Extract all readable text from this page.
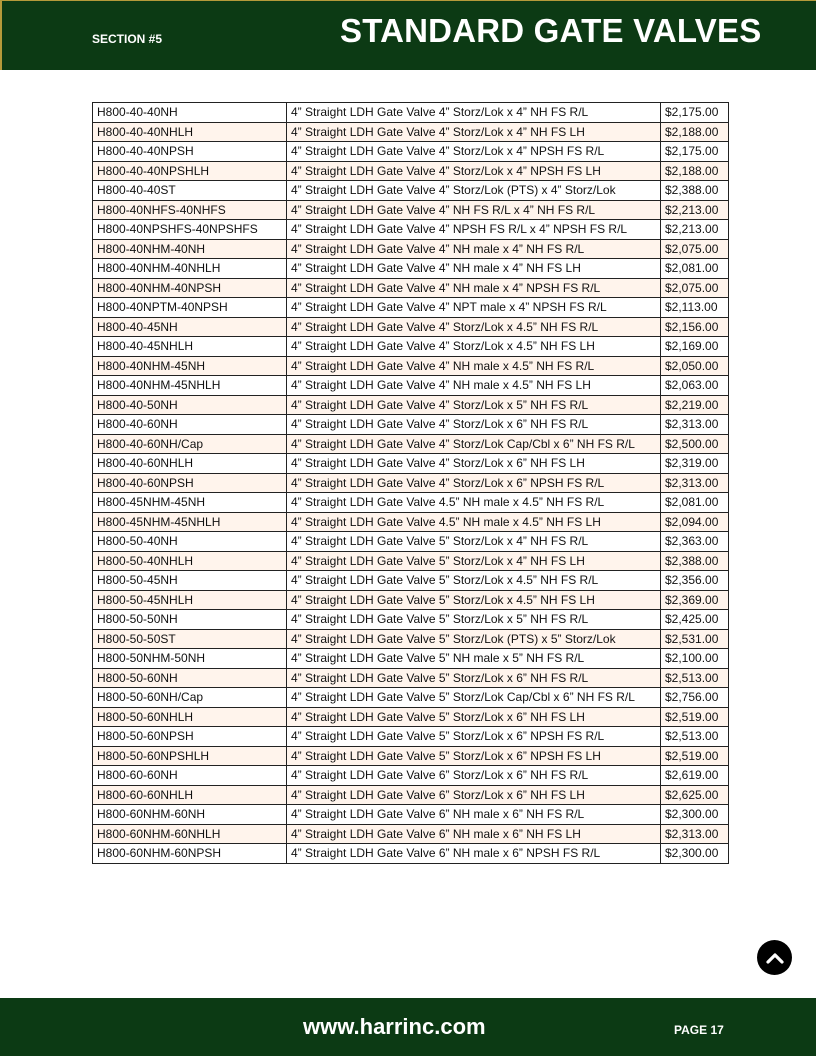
SECTION #5	STANDARD GATE VALVES
H800-40-40NH	4” Straight LDH Gate Valve 4” Storz/Lok x 4” NH FS R/L	$2,175.00
H800-40-40NHLH	4” Straight LDH Gate Valve 4” Storz/Lok x 4” NH FS LH	$2,188.00
H800-40-40NPSH	4” Straight LDH Gate Valve 4” Storz/Lok x 4” NPSH FS R/L	$2,175.00
H800-40-40NPSHLH	4” Straight LDH Gate Valve 4” Storz/Lok x 4” NPSH FS LH	$2,188.00
H800-40-40ST	4” Straight LDH Gate Valve 4” Storz/Lok (PTS) x 4” Storz/Lok	$2,388.00
H800-40NHFS-40NHFS	4” Straight LDH Gate Valve 4” NH FS R/L x 4” NH FS R/L	$2,213.00
H800-40NPSHFS-40NPSHFS	4” Straight LDH Gate Valve 4” NPSH FS R/L x 4” NPSH FS R/L	$2,213.00
H800-40NHM-40NH	4” Straight LDH Gate Valve 4” NH male x 4” NH FS R/L	$2,075.00
H800-40NHM-40NHLH	4” Straight LDH Gate Valve 4” NH male x 4” NH FS LH	$2,081.00
H800-40NHM-40NPSH	4” Straight LDH Gate Valve 4” NH male x 4” NPSH FS R/L	$2,075.00
H800-40NPTM-40NPSH	4” Straight LDH Gate Valve 4” NPT male x 4” NPSH FS R/L	$2,113.00
H800-40-45NH	4” Straight LDH Gate Valve 4” Storz/Lok x 4.5” NH FS R/L	$2,156.00
H800-40-45NHLH	4” Straight LDH Gate Valve 4” Storz/Lok x 4.5” NH FS LH	$2,169.00
H800-40NHM-45NH	4” Straight LDH Gate Valve 4” NH male x 4.5” NH FS R/L	$2,050.00
H800-40NHM-45NHLH	4” Straight LDH Gate Valve 4” NH male x 4.5” NH FS LH	$2,063.00
H800-40-50NH	4” Straight LDH Gate Valve 4” Storz/Lok x 5” NH FS R/L	$2,219.00
H800-40-60NH	4” Straight LDH Gate Valve 4” Storz/Lok x 6” NH FS R/L	$2,313.00
H800-40-60NH/Cap	4” Straight LDH Gate Valve 4” Storz/Lok Cap/Cbl x 6” NH FS R/L	$2,500.00
H800-40-60NHLH	4” Straight LDH Gate Valve 4” Storz/Lok x 6” NH FS LH	$2,319.00
H800-40-60NPSH	4” Straight LDH Gate Valve 4” Storz/Lok x 6” NPSH FS R/L	$2,313.00
H800-45NHM-45NH	4” Straight LDH Gate Valve 4.5” NH male x 4.5” NH FS R/L	$2,081.00
H800-45NHM-45NHLH	4” Straight LDH Gate Valve 4.5” NH male x 4.5” NH FS LH	$2,094.00
H800-50-40NH	4” Straight LDH Gate Valve 5” Storz/Lok x 4” NH FS R/L	$2,363.00
H800-50-40NHLH	4” Straight LDH Gate Valve 5” Storz/Lok x 4” NH FS LH	$2,388.00
H800-50-45NH	4” Straight LDH Gate Valve 5” Storz/Lok x 4.5” NH FS R/L	$2,356.00
H800-50-45NHLH	4” Straight LDH Gate Valve 5” Storz/Lok x 4.5” NH FS LH	$2,369.00
H800-50-50NH	4” Straight LDH Gate Valve 5” Storz/Lok x 5” NH FS R/L	$2,425.00
H800-50-50ST	4” Straight LDH Gate Valve 5” Storz/Lok (PTS) x 5” Storz/Lok	$2,531.00
H800-50NHM-50NH	4” Straight LDH Gate Valve 5” NH male x 5” NH FS R/L	$2,100.00
H800-50-60NH	4” Straight LDH Gate Valve 5” Storz/Lok x 6” NH FS R/L	$2,513.00
H800-50-60NH/Cap	4” Straight LDH Gate Valve 5” Storz/Lok Cap/Cbl x 6” NH FS R/L	$2,756.00
H800-50-60NHLH	4” Straight LDH Gate Valve 5” Storz/Lok x 6” NH FS LH	$2,519.00
H800-50-60NPSH	4” Straight LDH Gate Valve 5” Storz/Lok x 6” NPSH FS R/L	$2,513.00
H800-50-60NPSHLH	4” Straight LDH Gate Valve 5” Storz/Lok x 6” NPSH FS LH	$2,519.00
H800-60-60NH	4” Straight LDH Gate Valve 6” Storz/Lok x 6” NH FS R/L	$2,619.00
H800-60-60NHLH	4” Straight LDH Gate Valve 6” Storz/Lok x 6” NH FS LH	$2,625.00
H800-60NHM-60NH	4” Straight LDH Gate Valve 6” NH male x 6” NH FS R/L	$2,300.00
H800-60NHM-60NHLH	4” Straight LDH Gate Valve 6” NH male x 6” NH FS LH	$2,313.00
H800-60NHM-60NPSH	4” Straight LDH Gate Valve 6” NH male x 6” NPSH FS R/L	$2,300.00
www.harrinc.com	PAGE 17
